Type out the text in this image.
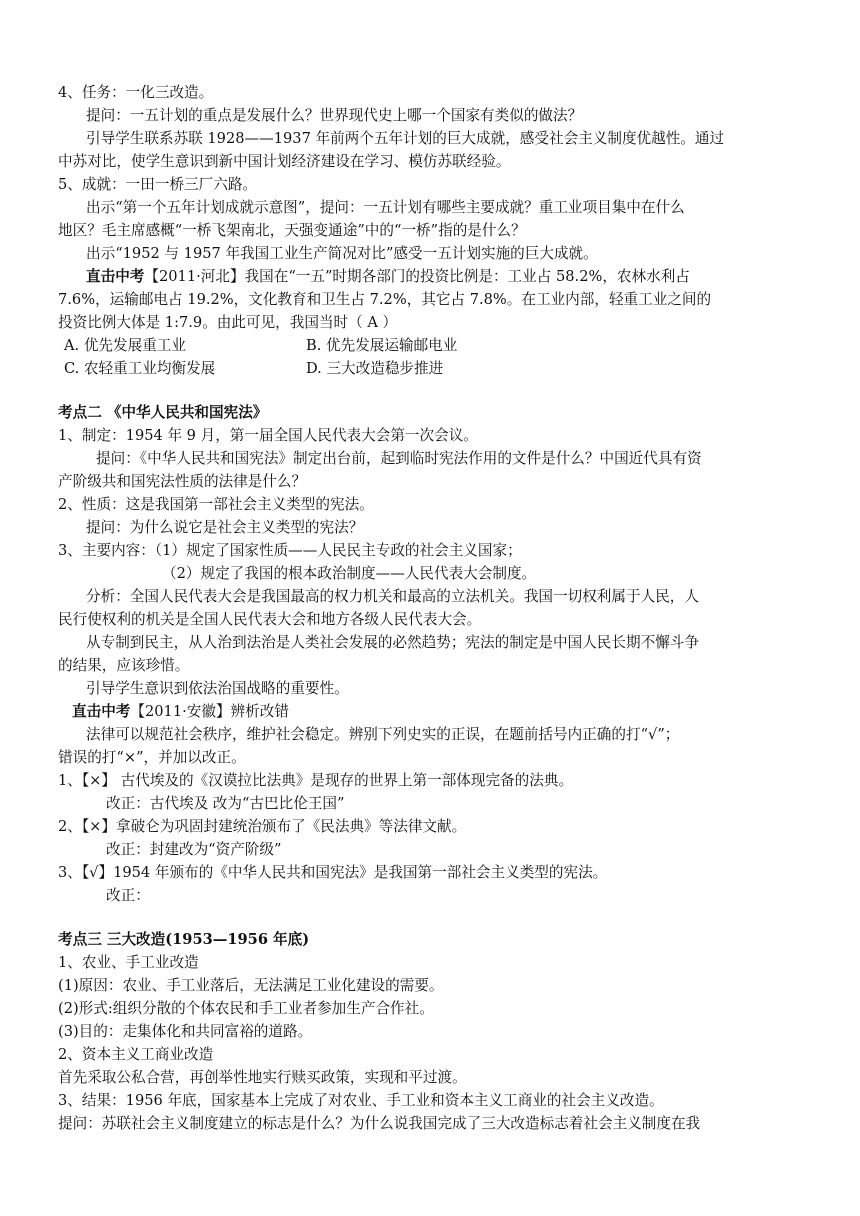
4、任务：一化三改造。
提问：一五计划的重点是发展什么？世界现代史上哪一个国家有类似的做法？
引导学生联系苏联 1928——1937 年前两个五年计划的巨大成就，感受社会主义制度优越性。通过
中苏对比，使学生意识到新中国计划经济建设在学习、模仿苏联经验。
5、成就：一田一桥三厂六路。
出示“第一个五年计划成就示意图”，提问：一五计划有哪些主要成就？重工业项目集中在什么
地区？毛主席感概“一桥飞架南北，天强变通途”中的“一桥”指的是什么？
出示“1952 与 1957 年我国工业生产简况对比”感受一五计划实施的巨大成就。
直击中考【2011·河北】我国在“一五”时期各部门的投资比例是：工业占 58.2%，农林水利占
7.6%，运输邮电占 19.2%，文化教育和卫生占 7.2%，其它占 7.8%。在工业内部，轻重工业之间的
投资比例大体是 1:7.9。由此可见，我国当时（ A ）
A. 优先发展重工业	B. 优先发展运输邮电业
C. 农轻重工业均衡发展	D. 三大改造稳步推进
考点二 《中华人民共和国宪法》
1、制定：1954 年 9 月，第一届全国人民代表大会第一次会议。
提问：《中华人民共和国宪法》制定出台前，起到临时宪法作用的文件是什么？中国近代具有资
产阶级共和国宪法性质的法律是什么？
2、性质：这是我国第一部社会主义类型的宪法。
提问：为什么说它是社会主义类型的宪法？
3、主要内容：（1）规定了国家性质——人民民主专政的社会主义国家；
（2）规定了我国的根本政治制度——人民代表大会制度。
分析：全国人民代表大会是我国最高的权力机关和最高的立法机关。我国一切权利属于人民，人
民行使权利的机关是全国人民代表大会和地方各级人民代表大会。
从专制到民主，从人治到法治是人类社会发展的必然趋势；宪法的制定是中国人民长期不懈斗争
的结果，应该珍惜。
引导学生意识到依法治国战略的重要性。
直击中考【2011·安徽】辨析改错
法律可以规范社会秩序，维护社会稳定。辨别下列史实的正误，在题前括号内正确的打“√”；
错误的打“×”，并加以改正。
1、【×】 古代埃及的《汉谟拉比法典》是现存的世界上第一部体现完备的法典。
改正：古代埃及 改为“古巴比伦王国”
2、【×】拿破仑为巩固封建统治颁布了《民法典》等法律文献。
改正：封建改为“资产阶级”
3、【√】1954 年颁布的《中华人民共和国宪法》是我国第一部社会主义类型的宪法。
改正：
考点三 三大改造(1953—1956 年底)
1、农业、手工业改造
(1)原因：农业、手工业落后，无法满足工业化建设的需要。
(2)形式:组织分散的个体农民和手工业者参加生产合作社。
(3)目的：走集体化和共同富裕的道路。
2、资本主义工商业改造
首先采取公私合营，再创举性地实行赎买政策，实现和平过渡。
3、结果：1956 年底，国家基本上完成了对农业、手工业和资本主义工商业的社会主义改造。
提问：苏联社会主义制度建立的标志是什么？为什么说我国完成了三大改造标志着社会主义制度在我
